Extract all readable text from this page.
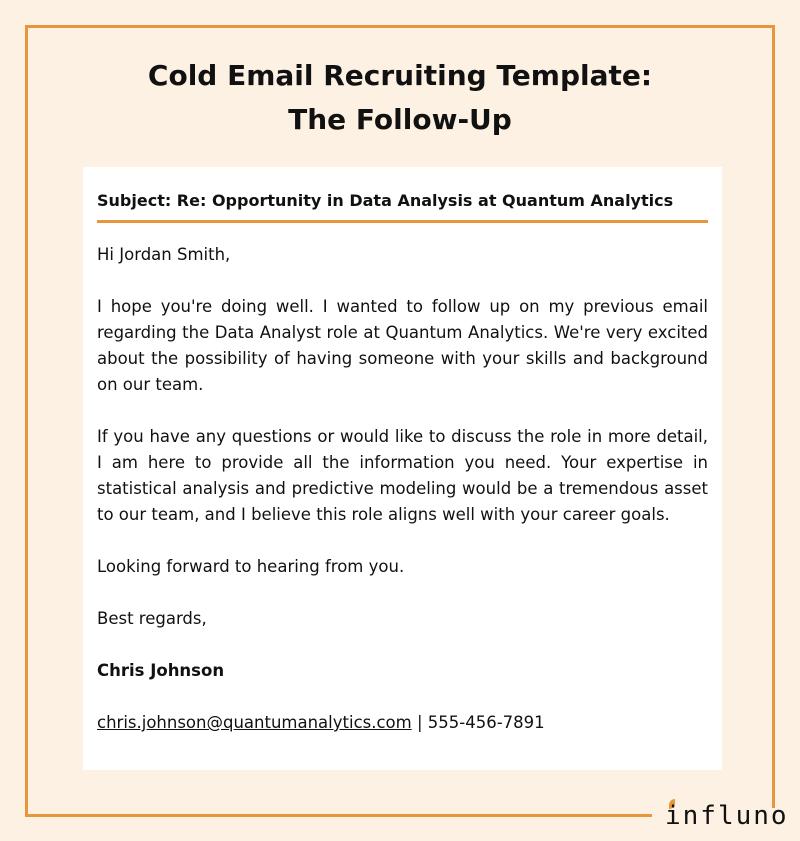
Cold Email Recruiting Template:
The Follow-Up
Subject: Re: Opportunity in Data Analysis at Quantum Analytics

Hi Jordan Smith,

I hope you're doing well. I wanted to follow up on my previous email regarding the Data Analyst role at Quantum Analytics. We're very excited about the possibility of having someone with your skills and background on our team.

If you have any questions or would like to discuss the role in more detail, I am here to provide all the information you need. Your expertise in statistical analysis and predictive modeling would be a tremendous asset to our team, and I believe this role aligns well with your career goals.

Looking forward to hearing from you.

Best regards,

Chris Johnson

chris.johnson@quantumanalytics.com | 555-456-7891

influno
